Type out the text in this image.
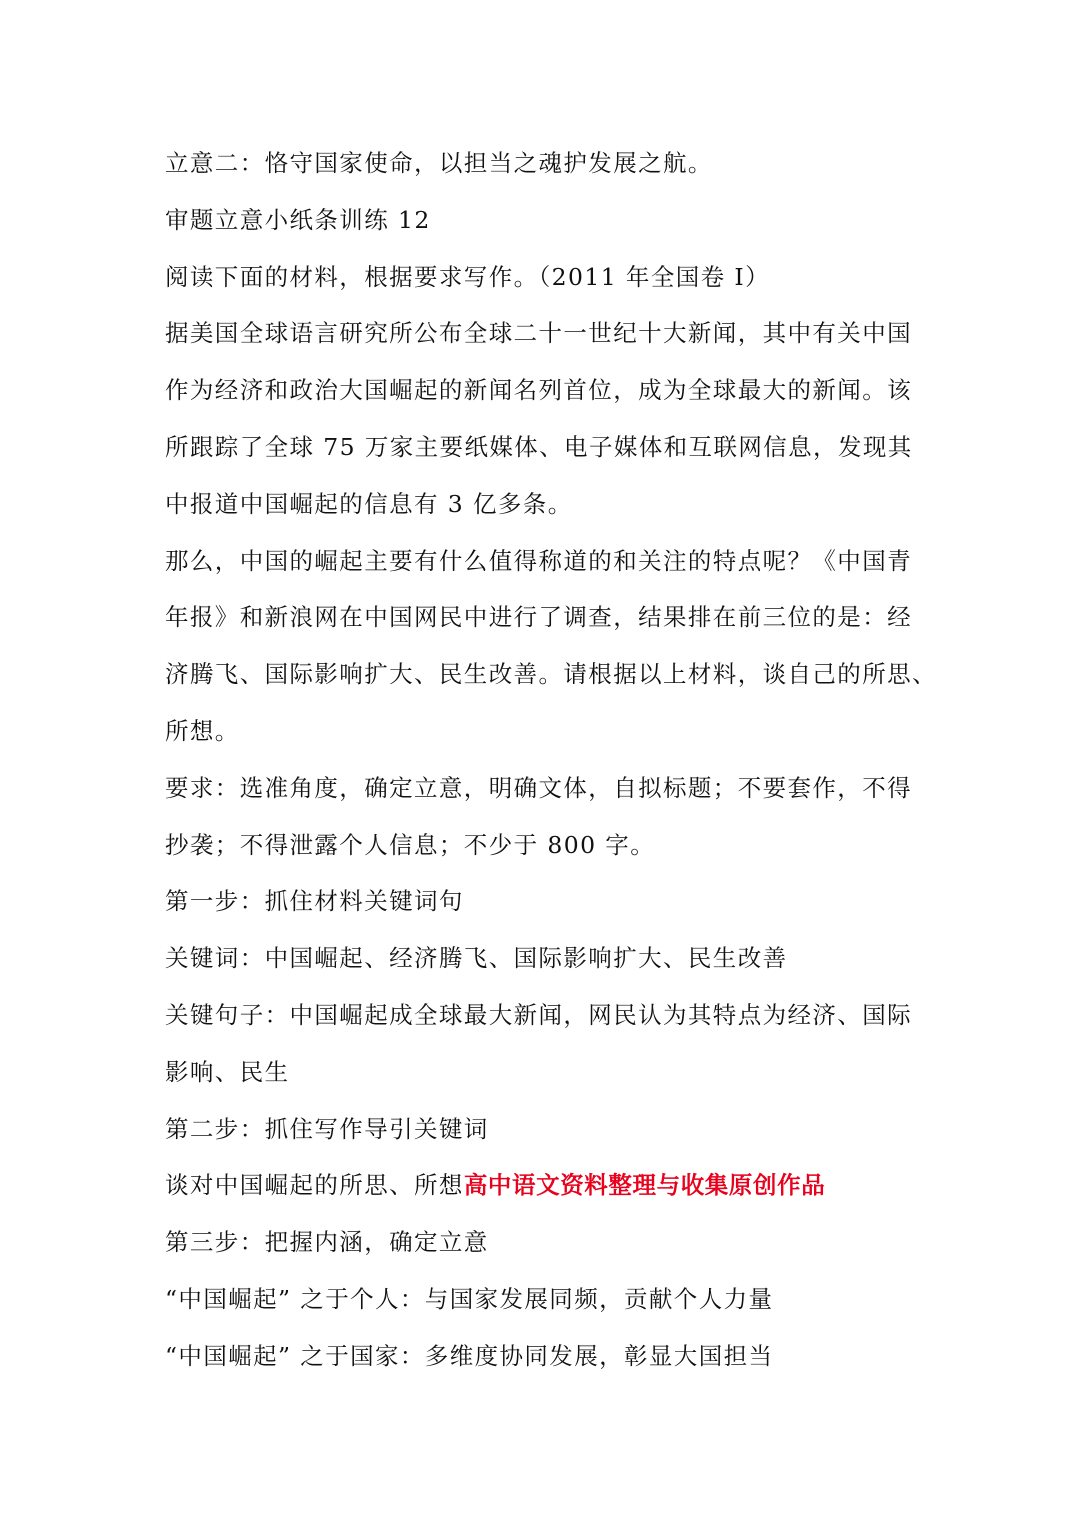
立意二：恪守国家使命，以担当之魂护发展之航。

审题立意小纸条训练 12

阅读下面的材料，根据要求写作。（2011 年全国卷 Ⅰ）

据美国全球语言研究所公布全球二十一世纪十大新闻，其中有关中国

作为经济和政治大国崛起的新闻名列首位，成为全球最大的新闻。该

所跟踪了全球 75 万家主要纸媒体、电子媒体和互联网信息，发现其

中报道中国崛起的信息有 3 亿多条。

那么，中国的崛起主要有什么值得称道的和关注的特点呢？《中国青

年报》和新浪网在中国网民中进行了调查，结果排在前三位的是：经

济腾飞、国际影响扩大、民生改善。请根据以上材料，谈自己的所思、

所想。

要求：选准角度，确定立意，明确文体，自拟标题；不要套作，不得

抄袭；不得泄露个人信息；不少于 800 字。

第一步：抓住材料关键词句

关键词：中国崛起、经济腾飞、国际影响扩大、民生改善

关键句子：中国崛起成全球最大新闻，网民认为其特点为经济、国际

影响、民生

第二步：抓住写作导引关键词

谈对中国崛起的所思、所想高中语文资料整理与收集原创作品

第三步：把握内涵，确定立意

“中国崛起” 之于个人：与国家发展同频，贡献个人力量

“中国崛起” 之于国家：多维度协同发展，彰显大国担当
